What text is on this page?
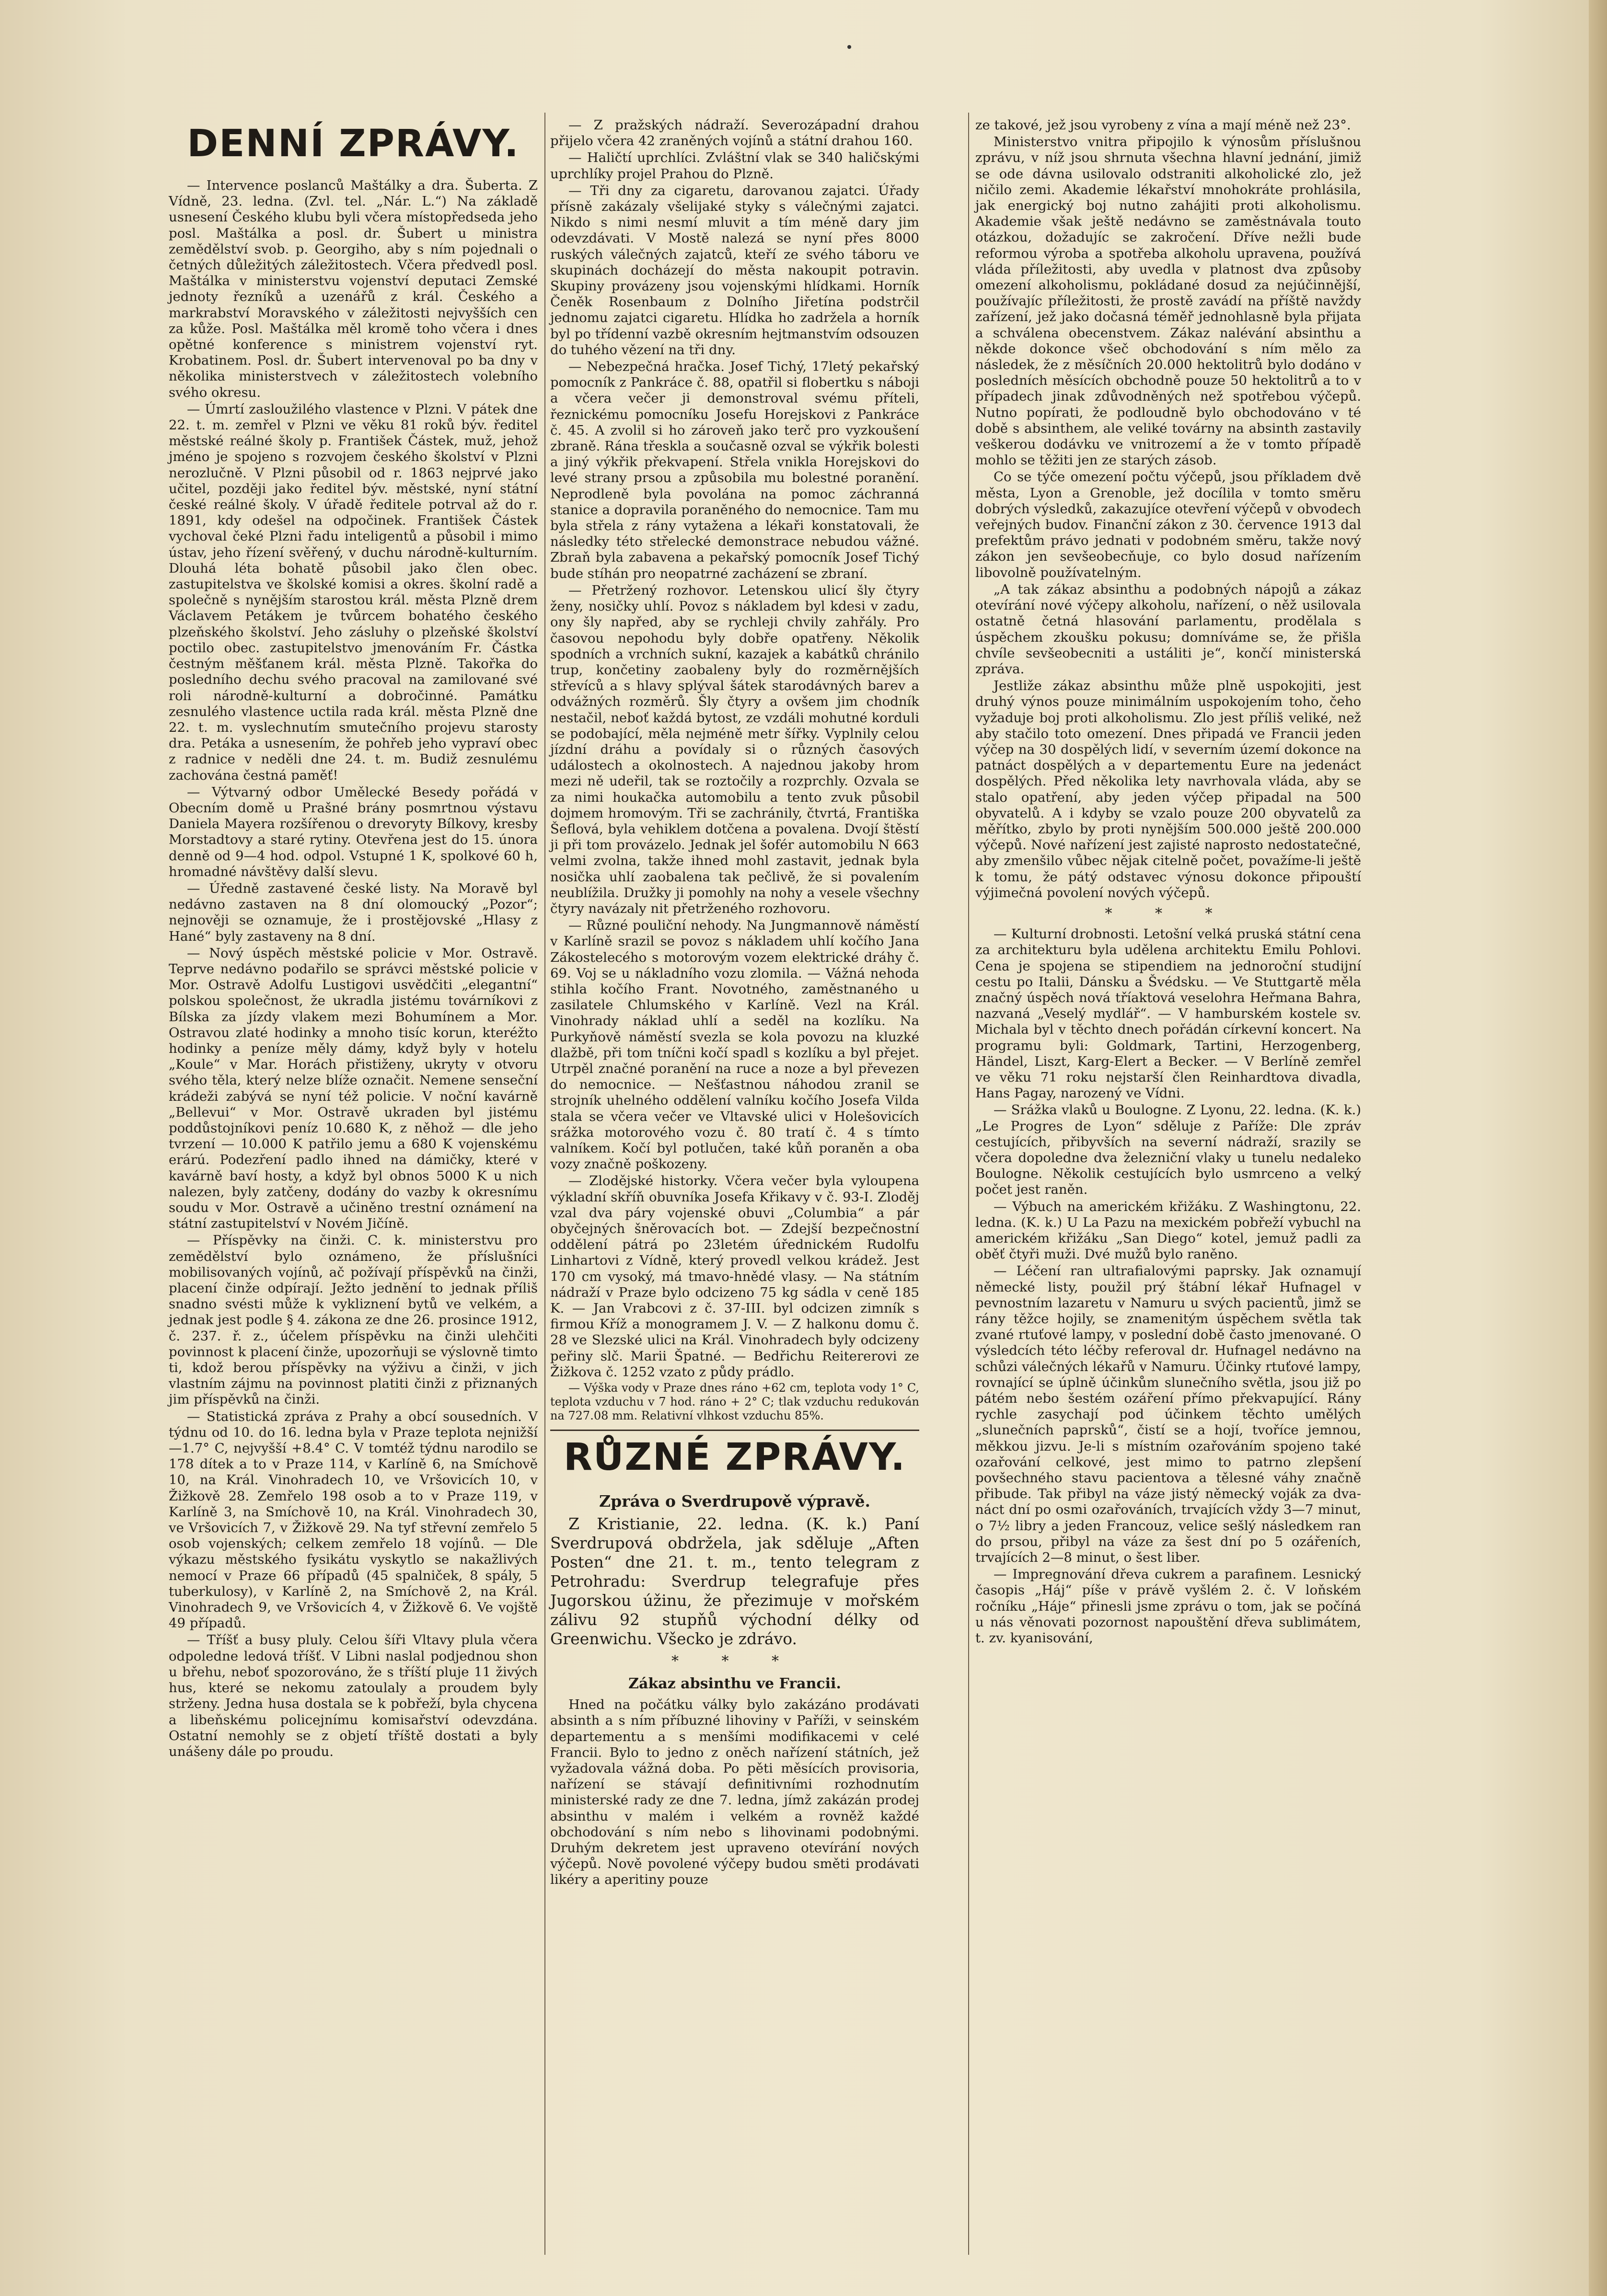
DENNÍ ZPRÁVY.

— Intervence poslanců Maštálky a dra. Šuberta. Z Vídně, 23. ledna. (Zvl. tel. „Nár. L.“) Na základě usnesení Českého klubu byli včera místopředseda jeho posl. Maštálka a posl. dr. Šubert u ministra zemědělství svob. p. Georgiho, aby s ním pojednali o četných důležitých záležitostech. Včera předvedl posl. Maštálka v ministerstvu vojenství deputaci Zemské jednoty řezníků a uzenářů z král. Českého a markrabství Moravského v záležitosti nejvyšších cen za kůže. Posl. Maštálka měl kromě toho včera i dnes opětné konference s ministrem vojenství ryt. Krobatinem. Posl. dr. Šubert intervenoval po ba dny v několika ministerstvech v záležitostech volebního svého okresu.

— Úmrtí zasloužilého vlastence v Plzni. V pátek dne 22. t. m. zemřel v Plzni ve věku 81 roků býv. ředitel městské reálné školy p. František Částek, muž, jehož jméno je spojeno s rozvojem českého školství v Plzni nerozlučně. V Plzni působil od r. 1863 nejprvé jako učitel, později jako ředitel býv. městské, nyní státní české reálné školy. V úřadě ředitele potrval až do r. 1891, kdy odešel na odpočinek. František Částek vychoval čeké Plzni řadu inteligentů a působil i mimo ústav, jeho řízení svěřený, v duchu národně-kulturním. Dlouhá léta bohatě působil jako člen obec. zastupitelstva ve školské komisi a okres. školní radě a společně s nynějším starostou král. města Plzně drem Václavem Petákem je tvůrcem bohatého českého plzeňského školství. Jeho zásluhy o plzeňské školství poctilo obec. zastupitelstvo jmenováním Fr. Částka čestným měšťanem král. města Plzně. Takořka do posledního dechu svého pracoval na zamilované své roli národně-kulturní a dobročinné. Památku zesnulého vlastence uctila rada král. města Plzně dne 22. t. m. vyslechnutím smutečního projevu starosty dra. Petáka a usnesením, že pohřeb jeho vypraví obec z radnice v neděli dne 24. t. m. Budiž zesnulému zachována čestná paměť!

— Výtvarný odbor Umělecké Besedy pořádá v Obecním domě u Prašné brány posmrtnou výstavu Daniela Mayera rozšířenou o drevorytу Bílkovy, kresby Morstadtovy a staré rytiny. Otevřena jest do 15. února denně od 9—4 hod. odpol. Vstupné 1 K, spolkové 60 h, hromadné návštěvy další slevu.

— Úředně zastavené české listy. Na Moravě byl nedávno zastaven na 8 dní olomoucký „Pozor“; nejnověji se oznamuje, že i prostějovské „Hlasy z Hané“ byly zastaveny na 8 dní.

— Nový úspěch městské policie v Mor. Ostravě. Teprve nedávno podařilo se správci městské policie v Mor. Ostravě Adolfu Lustigovi usvědčiti „elegantní“ polskou společnost, že ukradla jistému továrníkovi z Bílska za jízdy vlakem mezi Bohumínem a Mor. Ostravou zlaté hodinky a mnoho tisíc korun, kteréžto hodinky a peníze měly dámy, když byly v hotelu „Koule“ v Mar. Horách přistiženy, ukryty v otvoru svého těla, který nelze blíže označit. Nemene senseční krádeži zabývá se nyní též policie. V noční kavárně „Bellevui“ v Mor. Ostravě ukraden byl jistému poddůstojníkovi peníz 10.680 K, z něhož — dle jeho tvrzení — 10.000 K patřilo jemu a 680 K vojenskému erárú. Podezření padlo ihned na dámičky, které v kavárně baví hosty, a když byl obnos 5000 K u nich nalezen, byly zatčeny, dodány do vazby k okresnímu soudu v Mor. Ostravě a učiněno trestní oznámení na státní zastupitelství v Novém Jičíně.

— Příspěvky na činži. C. k. ministerstvu pro zemědělství bylo oznámeno, že příslušníci mobilisovaných vojínů, ač požívají příspěvků na činži, placení činže odpírají. Ježto jednění to jednak příliš snadno svésti může k vykliznení bytů ve velkém, a jednak jest podle § 4. zákona ze dne 26. prosince 1912, č. 237. ř. z., účelem příspěvku na činži ulehčiti povinnost k placení činže, upozorňuji se výslovně timto ti, kdož berou příspěvky na výživu a činži, v jich vlastním zájmu na povinnost platiti činži z přiznaných jim příspěvků na činži.

— Statistická zpráva z Prahy a obcí sousedních. V týdnu od 10. do 16. ledna byla v Praze teplota nejnižší —1.7° C, nejvyšší +8.4° C. V tomtéž týdnu narodilo se 178 dítek a to v Praze 114, v Karlíně 6, na Smíchově 10, na Král. Vinohradech 10, ve Vršovicích 10, v Žižkově 28. Zemřelo 198 osob a to v Praze 119, v Karlíně 3, na Smíchově 10, na Král. Vinohradech 30, ve Vršovicích 7, v Žižkově 29. Na tyf střevní zemřelo 5 osob vojenských; celkem zemřelo 18 vojínů. — Dle výkazu městského fysikátu vyskytlo se nakažlivých nemocí v Praze 66 případů (45 spalniček, 8 spály, 5 tuberkulosy), v Karlíně 2, na Smíchově 2, na Král. Vinohradech 9, ve Vršovicích 4, v Žižkově 6. Ve vojště 49 případů.

— Tříšť a busy pluly. Celou šíři Vltavy plula včera odpoledne ledová tříšť. V Libni naslal podjednou shon u břehu, neboť spozorováno, že s tříští pluje 11 živých hus, které se nekomu zatoulaly a proudem byly strženy. Jedna husa dostala se k pobřeží, byla chycena a libeňskému policejnímu komisařství odevzdána. Ostatní nemohly se z objetí tříště dostati a byly unášeny dále po proudu.

— Z pražských nádraží. Severozápadní drahou přijelo včera 42 zraněných vojínů a státní drahou 160.

— Haličtí uprchlíci. Zvláštní vlak se 340 haličskými uprchlíky projel Prahou do Plzně.

— Tři dny za cigaretu, darovanou zajatci. Úřady přísně zakázaly všeliјaké styky s válečnými zajatci. Nikdo s nimi nesmí mluvit a tím méně dary jim odevzdávati. V Mostě nalezá se nyní přes 8000 ruských válečných zajatců, kteří ze svého táboru ve skupinách docházejí do města nakoupit potravin. Skupiny provázeny jsou vojenskými hlídkami. Horník Čeněk Rosenbaum z Dolního Jiřetína podstrčil jednomu zajatci cigaretu. Hlídka ho zadržela a horník byl po třídenní vazbě okresním hejtmanstvím odsouzen do tuhého vězení na tři dny.

— Nebezpečná hračka. Josef Tichý, 17letý pekařský pomocník z Pankráce č. 88, opatřil si flobertku s náboji a včera večer ji demonstroval svému příteli, řeznickému pomocníku Josefu Horejskovi z Pankráce č. 45. A zvolil si ho zároveň jako terč pro vyzkoušení zbraně. Rána třeskla a současně ozval se výkřik bolesti a jiný výkřik překvapení. Střela vnikla Horejskovi do levé strany prsou a způsobila mu bolestné poranění. Neprodleně byla povolána na pomoc záchranná stanice a dopravila poraněného do nemocnice. Tam mu byla střela z rány vytažena a lékaři konstatovali, že následky této střelecké demonstrace nebudou vážné. Zbraň byla zabavena a pekařský pomocník Josef Tichý bude stíhán pro neopatrné zacházení se zbraní.

— Přetržený rozhovor. Letenskou ulicí šly čtyry ženy, nosičky uhlí. Povoz s nákladem byl kdesi v zadu, ony šly napřed, aby se rychleji chvily zahřály. Pro časovou nepohodu byly dobře opatřeny. Několik spodních a vrchních suknı́, kazajek a kabátků chránilo trup, končetiny zaobaleny byly do rozměrnějších střevíců a s hlavy splýval šátek starodávných barev a odvážných rozměrů. Šly čtyry a ovšem jim chodník nestačil, neboť každá bytost, ze vzdáli mohutné korduli se podobající, měla nejméně metr šířky. Vyplnily celou jízdní dráhu a povídaly si o různých časových událostech a okolnostech. A najednou jakoby hrom mezi ně udeřil, tak se roztočily a rozprchly. Ozvala se za nimi houkačka automobilu a tento zvuk působil dojmem hromovým. Tři se zachránily, čtvrtá, Františka Šeflová, byla vehiklem dotčena a povalena. Dvojí štěstí ji při tom provázelo. Jednak jel šofér automobilu N 663 velmi zvolna, takže ihned mohl zastavit, jednak byla nosička uhlí zaobalena tak pečlivě, že si povalením neublížila. Družky ji pomohly na nohy a vesele všechny čtyry navázaly nit přetrženého rozhovoru.

— Různé pouliční nehody. Na Jungmannově náměstí v Karlíně srazil se povoz s nákladem uhlí kočího Jana Zákostelecého s motorovým vozem elektrické dráhy č. 69. Voj se u nákladního vozu zlomila. — Vážná nehoda stihla kočího Frant. Novotného, zaměstnaného u zasilatele Chlumského v Karlíně. Vezl na Král. Vinohrady náklad uhlí a seděl na kozlíku. Na Purkyňově náměstí svezla se kola povozu na kluzké dlažbě, při tom tníčni kočí spadl s kozlíku a byl přejet. Utrpěl značné poranění na ruce a noze a byl převezen do nemocnice. — Nešťastnou náhodou zranil se strojník uhelného oddělení valníku kočího Josefa Vilda stala se včera večer ve Vltavské ulici v Holešovicích srážka motorového vozu č. 80 tratí č. 4 s tímto valníkem. Kočí byl potlučen, také kůň poraněn a oba vozy značně poškozeny.

— Zlodějské historky. Včera večer byla vyloupena výkladní skříň obuvníka Josefa Křikavy v č. 93-I. Zloděj vzal dva páry vojenské obuvi „Columbia“ a pár obyčejných šněrovacích bot. — Zdejší bezpečnostní oddělení pátrá po 23letém úřednickém Rudolfu Linhartovi z Vídně, který provedl velkou krádež. Jest 170 cm vysoký, má tmavo-hnědé vlasy. — Na státním nádraží v Praze bylo odcizeno 75 kg sádla v ceně 185 K. — Jan Vrabcovi z č. 37-III. byl odcizen zimník s firmou Kříž a monogramem J. V. — Z halkonu domu č. 28 ve Slezské ulici na Král. Vinohradech byly odcizeny peřiny slč. Marii Špatné. — Bedřichu Reitererovi ze Žižkova č. 1252 vzato z půdy prádlo.

— Výška vody v Praze dnes ráno +62 cm, teplota vody 1° C, teplota vzduchu v 7 hod. ráno + 2° C; tlak vzduchu redukován na 727.08 mm. Relativní vlhkost vzduchu 85%.

RŮZNÉ ZPRÁVY.
Zpráva o Sverdrupově výpravě.

Z Kristianie, 22. ledna. (K. k.) Paní Sverdrupová obdržela, jak sděluje „Aften Posten“ dne 21. t. m., tento telegram z Petrohradu: Sverdrup telegrafuje přes Jugorskou úžinu, že přezimuje v mořském zálivu 92 stupňů východní délky od Greenwichu. Všecko je zdrávo.

* * *
Zákaz absinthu ve Francii.

Hned na počátku války bylo zakázáno prodávati absinth a s ním příbuzné lihoviny v Paříži, v seinském departementu a s menšími modifikacemi v celé Francii. Bylo to jedno z oněch nařízení státních, jež vyžadovala vážná doba. Po pěti měsících provisoria, nařízení se stávají definitivními rozhodnutím ministerské rady ze dne 7. ledna, jímž zakázán prodej absinthu v malém i velkém a rovněž každé obchodování s ním nebo s lihovinami podobnými. Druhým dekretem jest upraveno otevírání nových výčepů. Nově povolené výčepy budou směti prodávati likéry a aperitiny pouze

ze takové, jež jsou vyrobeny z vína a mají méně než 23°.

Ministerstvo vnitra připojilo k výnosům příslušnou zprávu, v níž jsou shrnuta všechna hlavní jednání, jimiž se ode dávna usilovalo odstraniti alkoholické zlo, jež ničilo zemi. Akademie lékařství mnohokráte prohlásila, jak energický boj nutno zahájiti proti alkoholismu. Akademie však ještě nedávno se zaměstnávala touto otázkou, dožadujíc se zakročení. Dříve nežli bude reformou výroba a spotřeba alkoholu upravena, používá vláda příležitosti, aby uvedla v platnost dva způsoby omezení alkoholismu, pokládané dosud za nejúčinnější, používajíc příležitosti, že prostě zavádí na příště navždy zařízení, jež jako dočasná téměř jednohlasně byla přijata a schválena obecenstvem. Zákaz nalévání absinthu a někde dokonce všeč obchodování s ním mělo za následek, že z měsíčních 20.000 hektolitrů bylo dodáno v posledních měsících obchodně pouze 50 hektolitrů a to v případech jinak zdůvodněných než spotřebou výčepů. Nutno popírati, že podloudně bylo obchodováno v té době s absinthem, ale veliké továrny na absinth zastavily veškerou dodávku ve vnitrozemí a že v tomto případě mohlo se těžiti jen ze starých zásob.

Co se týče omezení počtu výčepů, jsou příkladem dvě města, Lyon a Grenoble, jež docílila v tomto směru dobrých výsledků, zakazujíce otevření výčepů v obvodech veřejných budov. Finanční zákon z 30. července 1913 dal prefektům právo jednati v podobném směru, takže nový zákon jen sevšeobecňuje, co bylo dosud nařízením libovolně používatelným.

„A tak zákaz absinthu a podobných nápojů a zákaz otevírání nové výčepy alkoholu, nařízení, o něž usilovala ostatně četná hlasování parlamentu, prodělala s úspěchem zkoušku pokusu; domníváme se, že přišla chvíle sevšeobecniti a ustáliti je“, končí ministerská zpráva.

Jestliže zákaz absinthu může plně uspokojiti, jest druhý výnos pouze minimálním uspokojením toho, čeho vyžaduje boj proti alkoholismu. Zlo jest příliš veliké, než aby stačilo toto omezení. Dnes připadá ve Francii jeden výčep na 30 dospělých lidí, v severním území dokonce na patnáct dospělých a v departementu Eure na jedenáct dospělých. Před několika lety navrhovala vláda, aby se stalo opatření, aby jeden výčep připadal na 500 obyvatelů. A i kdyby se vzalo pouze 200 obyvatelů za měřítko, zbylo by proti nynějším 500.000 ještě 200.000 výčepů. Nové nařízení jest zajisté naprosto nedostatečné, aby zmenšilo vůbec nějak citelně počet, považíme-li ještě k tomu, že pátý odstavec výnosu dokonce připouští výjimečná povolení nových výčepů.

* * *

— Kulturní drobnosti. Letošní velká pruská státní cena za architekturu byla udělena architektu Emilu Pohlovi. Cena je spojena se stipendiem na jednoroční studijní cestu po Italii, Dánsku a Švédsku. — Ve Stuttgartě měla značný úspěch nová tříaktová veselohra Heřmana Bahra, nazvaná „Veselý mydlář“. — V hamburském kostele sv. Michala byl v těchto dnech pořádán církevní koncert. Na programu byli: Goldmark, Tartini, Herzogenberg, Händel, Liszt, Karg-Elert a Becker. — V Berlíně zemřel ve věku 71 roku nejstarší člen Reinhardtova divadla, Hans Pagay, narozený ve Vídni.

— Srážka vlaků u Boulogne. Z Lyonu, 22. ledna. (K. k.) „Le Progres de Lyon“ sděluje z Paříže: Dle zpráv cestujících, přibyvších na severní nádraží, srazily se včera dopoledne dva železniční vlaky u tunelu nedaleko Boulogne. Několik cestujících bylo usmrceno a velký počet jest raněn.

— Výbuch na americkém křižáku. Z Washingtonu, 22. ledna. (K. k.) U La Pazu na mexickém pobřeží vybuchl na americkém křižáku „San Diego“ kotel, jemuž padli za oběť čtyři muži. Dvé mužů bylo raněno.

— Léčení ran ultrafialovými paprsky. Jak oznamují německé listy, použil prý štábní lékař Hufnagel v pevnostním lazaretu v Namuru u svých pacientů, jimž se rány těžce hojily, se znamenitým úspěchem světla tak zvané rtuťové lampy, v poslední době často jmenované. O výsledcích této léčby referoval dr. Hufnagel nedávno na schůzi válečných lékařů v Namuru. Účinky rtuťové lampy, rovnající se úplně účinkům slunečního světla, jsou již po pátém nebo šestém ozáření přímo překvapující. Rány rychle zasychají pod účinkem těchto umělých „slunečních paprsků“, čistí se a hojí, tvoříce jemnou, měkkou jizvu. Je-li s místním ozařováním spojeno také ozařování celkové, jest mimo to patrno zlepšení povšechného stavu pacientova a tělesné váhy značně přibude. Tak přibyl na váze jistý německý voják za dva-náct dní po osmi ozařováních, trvajících vždy 3—7 minut, o 7½ libry a jeden Francouz, velice sešlý následkem ran do prsou, přibyl na váze za šest dní po 5 ozářeních, trvajících 2—8 minut, o šest liber.

— Impregnování dřeva cukrem a parafinem. Lesnický časopis „Háj“ píše v právě vyšlém 2. č. V loňském ročníku „Háje“ přinesli jsme zprávu o tom, jak se počíná u nás věnovati pozornost napouštění dřeva sublimátem, t. zv. kyanisování,
